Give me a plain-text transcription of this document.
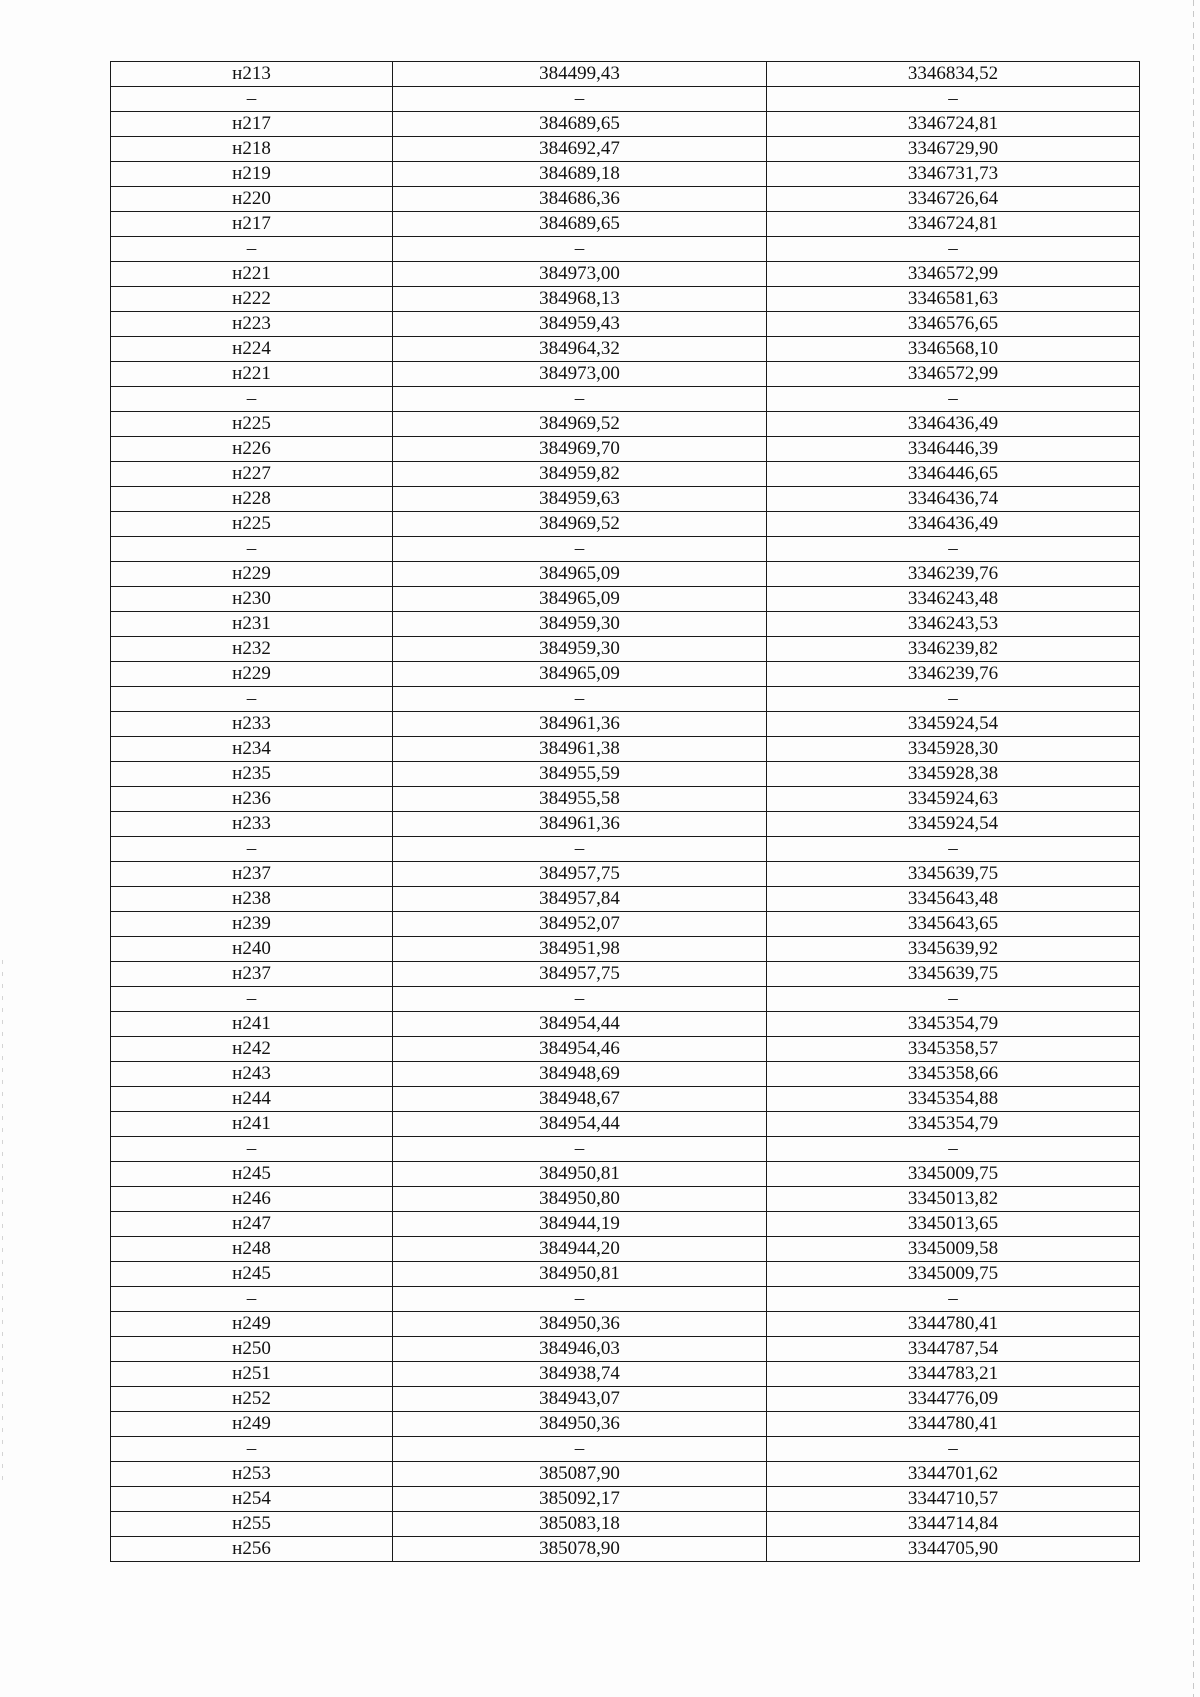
н213	384499,43	3346834,52
–	–	–
н217	384689,65	3346724,81
н218	384692,47	3346729,90
н219	384689,18	3346731,73
н220	384686,36	3346726,64
н217	384689,65	3346724,81
–	–	–
н221	384973,00	3346572,99
н222	384968,13	3346581,63
н223	384959,43	3346576,65
н224	384964,32	3346568,10
н221	384973,00	3346572,99
–	–	–
н225	384969,52	3346436,49
н226	384969,70	3346446,39
н227	384959,82	3346446,65
н228	384959,63	3346436,74
н225	384969,52	3346436,49
–	–	–
н229	384965,09	3346239,76
н230	384965,09	3346243,48
н231	384959,30	3346243,53
н232	384959,30	3346239,82
н229	384965,09	3346239,76
–	–	–
н233	384961,36	3345924,54
н234	384961,38	3345928,30
н235	384955,59	3345928,38
н236	384955,58	3345924,63
н233	384961,36	3345924,54
–	–	–
н237	384957,75	3345639,75
н238	384957,84	3345643,48
н239	384952,07	3345643,65
н240	384951,98	3345639,92
н237	384957,75	3345639,75
–	–	–
н241	384954,44	3345354,79
н242	384954,46	3345358,57
н243	384948,69	3345358,66
н244	384948,67	3345354,88
н241	384954,44	3345354,79
–	–	–
н245	384950,81	3345009,75
н246	384950,80	3345013,82
н247	384944,19	3345013,65
н248	384944,20	3345009,58
н245	384950,81	3345009,75
–	–	–
н249	384950,36	3344780,41
н250	384946,03	3344787,54
н251	384938,74	3344783,21
н252	384943,07	3344776,09
н249	384950,36	3344780,41
–	–	–
н253	385087,90	3344701,62
н254	385092,17	3344710,57
н255	385083,18	3344714,84
н256	385078,90	3344705,90
